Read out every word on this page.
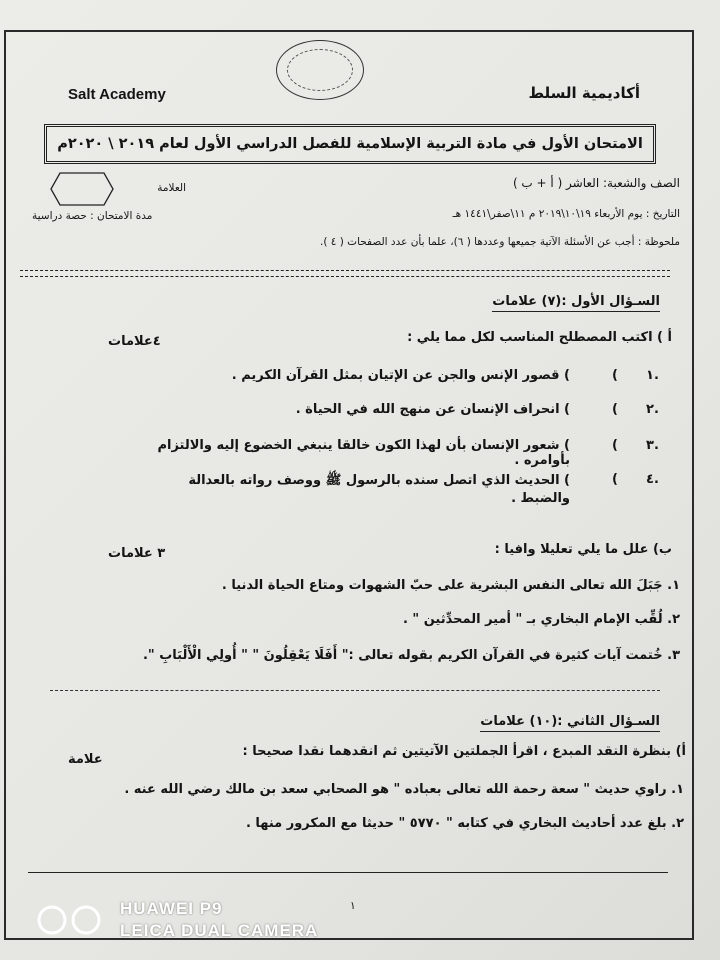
Salt Academy	أكاديمية السلط
الامتحان الأول في مادة التربية الإسلامية للفصل الدراسي الأول لعام ٢٠١٩ \ ٢٠٢٠م
العلامة	الصف والشعبة: العاشر ( أ + ب )
مدة الامتحان : حصة دراسية	التاريخ : يوم الأربعاء ١٩\١٠\٢٠١٩ م ١١\صفر\١٤٤١ هـ
ملحوظة : أجب عن الأسئلة الآتية جميعها وعددها ( ٦)، علما بأن عدد الصفحات ( ٤ ).
السـؤال الأول :(٧) علامات
أ ) اكتب المصطلح المناسب لكل مما يلي :
٤علامات
١.
(
) قصور الإنس والجن عن الإتيان بمثل القرآن الكريم .
٢.
(
) انحراف الإنسان عن منهج الله في الحياة .
٣.
(
) شعور الإنسان بأن لهذا الكون خالقا ينبغي الخضوع إليه والالتزام بأوامره .
٤.
(
) الحديث الذي اتصل سنده بالرسول ﷺ ووصف رواته بالعدالة والضبط .
ب) علل ما يلي تعليلا وافيا :
٣ علامات
١. جَبَلَ الله تعالى النفس البشرية على حبّ الشهوات ومتاع الحياة الدنيا .
٢. لُقِّب الإمام البخاري بـ " أمير المحدِّثين " .
٣. خُتمت آيات كثيرة في القرآن الكريم بقوله تعالى :" أَفَلَا يَعْقِلُونَ " " أُولِي الْأَلْبَابِ ".
السـؤال الثاني :(١٠) علامات
أ) بنظرة النقد المبدع ، اقرأ الجملتين الآتيتين ثم انقدهما نقدا صحيحا :
علامة
١. راوي حديث " سعة رحمة الله تعالى بعباده " هو الصحابي سعد بن مالك رضي الله عنه .
٢. بلغ عدد أحاديث البخاري في كتابه " ٥٧٧٠ " حديثا مع المكرور منها .
١
HUAWEI P9
LEICA DUAL CAMERA
